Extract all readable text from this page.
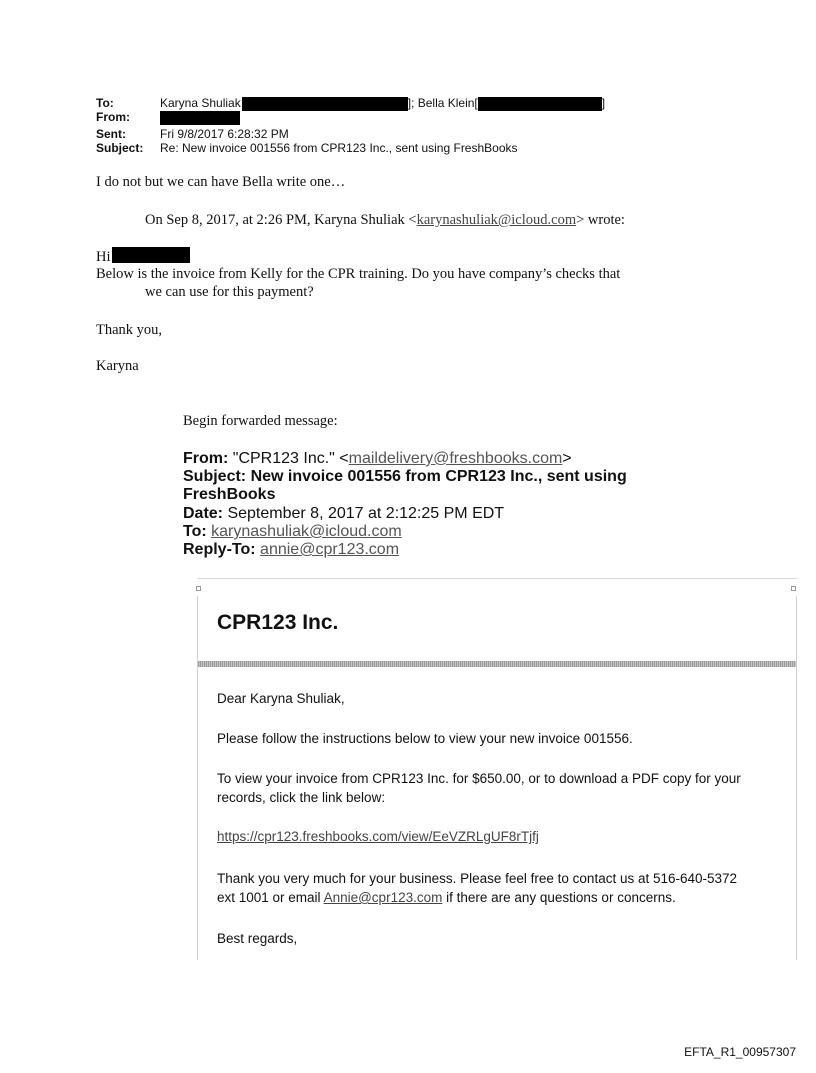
To:	Karyna Shuliak	]; Bella Klein[	]
From:
Sent:	Fri 9/8/2017 6:28:32 PM
Subject: Re: New invoice 001556 from CPR123 Inc., sent using FreshBooks
I do not but we can have Bella write one…
On Sep 8, 2017, at 2:26 PM, Karyna Shuliak <karynashuliak@icloud.com> wrote:
Hi
Below is the invoice from Kelly for the CPR training. Do you have company’s checks that
we can use for this payment?
Thank you,
Karyna
Begin forwarded message:
From: "CPR123 Inc." <maildelivery@freshbooks.com>
Subject: New invoice 001556 from CPR123 Inc., sent using
FreshBooks
Date: September 8, 2017 at 2:12:25 PM EDT
To: karynashuliak@icloud.com
Reply-To: annie@cpr123.com
CPR123 Inc.
Dear Karyna Shuliak,
Please follow the instructions below to view your new invoice 001556.
To view your invoice from CPR123 Inc. for $650.00, or to download a PDF copy for your
records, click the link below:
https://cpr123.freshbooks.com/view/EeVZRLgUF8rTjfj
Thank you very much for your business. Please feel free to contact us at 516-640-5372
ext 1001 or email Annie@cpr123.com if there are any questions or concerns.
Best regards,
EFTA_R1_00957307
